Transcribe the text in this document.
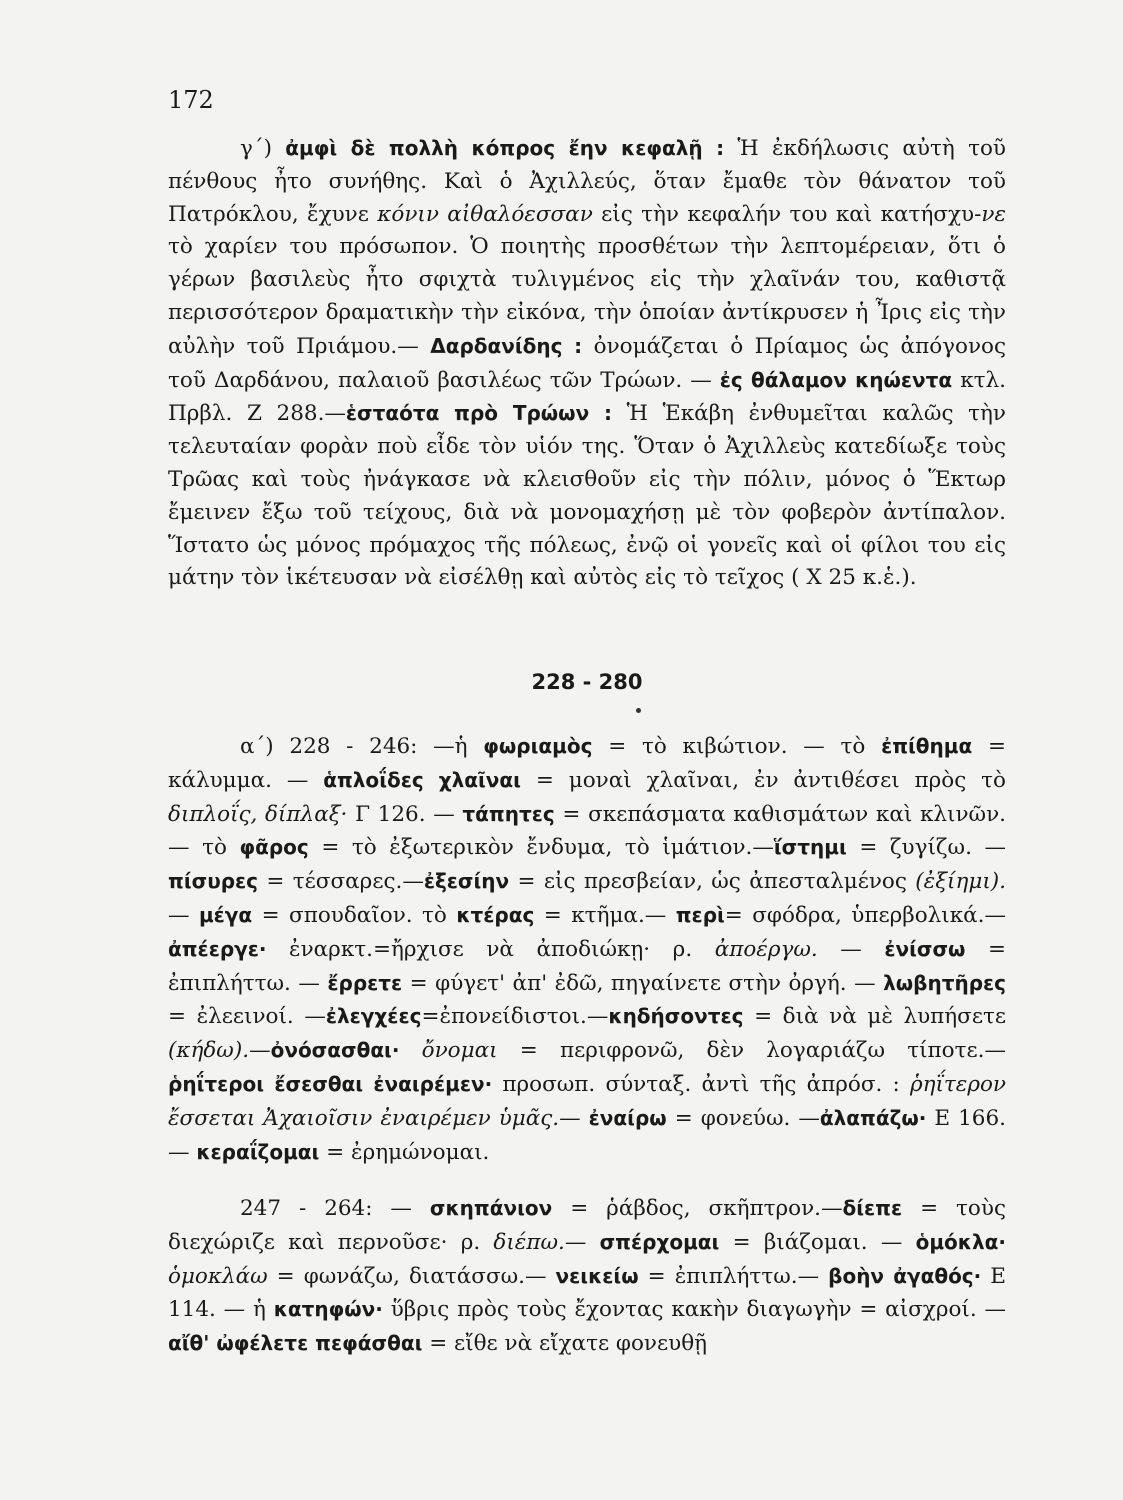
172
γ΄) ἀμφὶ δὲ πολλὴ κόπρος ἔην κεφαλῇ : Ἡ ἐκδήλωσις αὐτὴ τοῦ πένθους ἦτο συνήθης. Καὶ ὁ Ἀχιλλεύς, ὅταν ἔμαθε τὸν θάνατον τοῦ Πατρόκλου, ἔχυνε κόνιν αἰθαλόεσσαν εἰς τὴν κεφαλήν του καὶ κατήσχυ-νε τὸ χαρίεν του πρόσωπον. Ὁ ποιητὴς προσθέτων τὴν λεπτομέρειαν, ὅτι ὁ γέρων βασιλεὺς ἦτο σφιχτὰ τυλιγμένος εἰς τὴν χλαῖνάν του, καθιστᾷ περισσότερον δραματικὴν τὴν εἰκόνα, τὴν ὁποίαν ἀντίκρυσεν ἡ Ἶρις εἰς τὴν αὐλὴν τοῦ Πριάμου.— Δαρδανίδης : ὀνομάζεται ὁ Πρίαμος ὡς ἀπόγονος τοῦ Δαρδάνου, παλαιοῦ βασιλέως τῶν Τρώων. — ἐς θάλαμον κηώεντα κτλ. Πρβλ. Ζ 288.—ἑσταότα πρὸ Τρώων : Ἡ Ἑκάβη ἐνθυμεῖται καλῶς τὴν τελευταίαν φορὰν ποὺ εἶδε τὸν υἱόν της. Ὅταν ὁ Ἀχιλλεὺς κατεδίωξε τοὺς Τρῶας καὶ τοὺς ἠνάγκασε νὰ κλεισθοῦν εἰς τὴν πόλιν, μόνος ὁ Ἕκτωρ ἔμεινεν ἔξω τοῦ τείχους, διὰ νὰ μονομαχήσῃ μὲ τὸν φοβερὸν ἀντίπαλον. Ἵστατο ὡς μόνος πρόμαχος τῆς πόλεως, ἐνῷ οἱ γονεῖς καὶ οἱ φίλοι του εἰς μάτην τὸν ἱκέτευσαν νὰ εἰσέλθῃ καὶ αὐτὸς εἰς τὸ τεῖχος ( Χ 25 κ.ἑ.).
228 - 280
α΄) 228 - 246: —ἡ φωριαμὸς = τὸ κιβώτιον. — τὸ ἐπίθημα = κάλυμμα. — ἁπλοΐδες χλαῖναι = μοναὶ χλαῖναι, ἐν ἀντιθέσει πρὸς τὸ διπλοΐς, δίπλαξ· Γ 126. — τάπητες = σκεπάσματα καθισμάτων καὶ κλινῶν.— τὸ φᾶρος = τὸ ἐξωτερικὸν ἔνδυμα, τὸ ἱμάτιον.—ἵστημι = ζυγίζω. — πίσυρες = τέσσαρες.—ἐξεσίην = εἰς πρεσβείαν, ὡς ἀπεσταλμένος (ἐξίημι).— μέγα = σπουδαῖον. τὸ κτέρας = κτῆμα.— περὶ= σφόδρα, ὑπερβολικά.—ἀπέεργε· ἐναρκτ.=ἤρχισε νὰ ἀποδιώκῃ· ρ. ἀποέργω. — ἐνίσσω = ἐπιπλήττω. — ἔρρετε = φύγετ' ἀπ' ἐδῶ, πηγαίνετε στὴν ὀργή. — λωβητῆρες = ἐλεεινοί. —ἐλεγχέες=ἐπονείδιστοι.—κηδήσοντες = διὰ νὰ μὲ λυπήσετε (κήδω).—ὀνόσασθαι· ὄνομαι = περιφρονῶ, δὲν λογαριάζω τίποτε.— ῥηΐτεροι ἔσεσθαι ἐναιρέμεν· προσωπ. σύνταξ. ἀντὶ τῆς ἀπρόσ. : ῥηΐτερον ἔσσεται Ἀχαιοῖσιν ἐναιρέμεν ὑμᾶς.— ἐναίρω = φονεύω. —ἀλαπάζω· Ε 166.— κεραΐζομαι = ἐρημώνομαι.
247 - 264: — σκηπάνιον = ῥάβδος, σκῆπτρον.—δίεπε = τοὺς διεχώριζε καὶ περνοῦσε· ρ. διέπω.— σπέρχομαι = βιάζομαι. — ὁμόκλα· ὁμοκλάω = φωνάζω, διατάσσω.— νεικείω = ἐπιπλήττω.— βοὴν ἀγαθός· Ε 114. — ἡ κατηφών· ὕβρις πρὸς τοὺς ἔχοντας κακὴν διαγωγὴν = αἰσχροί. — αἴθ' ὠφέλετε πεφάσθαι = εἴθε νὰ εἴχατε φονευθῇ
